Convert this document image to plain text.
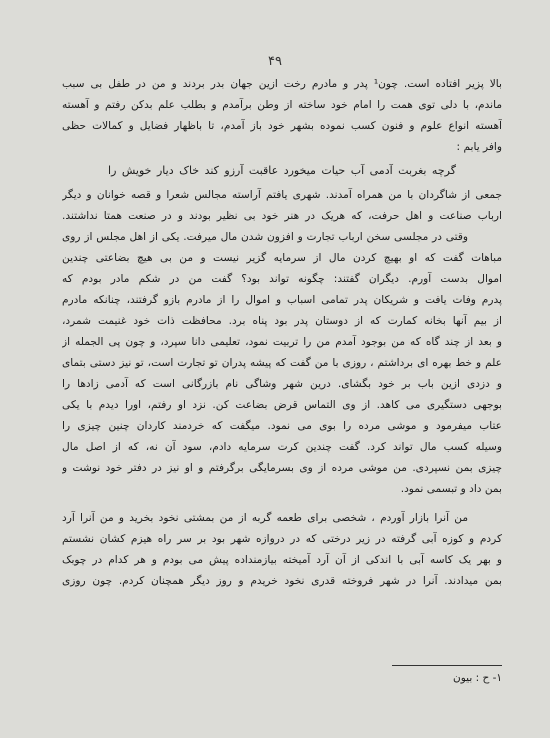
۴۹
بالا پزیر افتاده است. چون¹ پدر و مادرم رخت ازین جهان بدر بردند و من در طفل بی سبب
ماندم، با دلی توی همت را امام خود ساخته از وطن برآمدم و بطلب علم بدکن رفتم و آهسته
آهسته انواع علوم و فنون کسب نموده بشهر خود باز آمدم، تا باظهار فضایل و کمالات حظی
وافر یابم :
گرچه بغربت آدمی آب حیات میخورد عاقبت آرزو کند خاک دیار خویش را
جمعی از شاگردان با من همراه آمدند. شهری یافتم آراسته مجالس شعرا و قصه خوانان و دیگر
ارباب صناعت و اهل حرفت، که هریک در هنر خود بی نظیر بودند و در صنعت همتا نداشتند.
وقتی در مجلسی سخن ارباب تجارت و افزون شدن مال میرفت. یکی از اهل مجلس از روی
مباهات گفت که او بهیچ کردن مال از سرمایه گزیر نیست و من بی هیچ بضاعتی چندین
اموال بدست آورم. دیگران گفتند: چگونه تواند بود؟ گفت من در شکم مادر بودم که
پدرم وفات یافت و شریکان پدر تمامی اسباب و اموال را از مادرم بازو گرفتند، چنانکه مادرم
از بیم آنها بخانه کمارت که از دوستان پدر بود پناه برد. محافظت ذات خود غنیمت شمرد،
و بعد از چند گاه که من بوجود آمدم من را تربیت نمود، تعلیمی دانا سپرد، و چون پی الجمله از
علم و خط بهره ای برداشتم ، روزی با من گفت که پیشه پدران تو تجارت است، تو نیز دستی بتمای
و دزدی ازین باب بر خود بگشای. درین شهر وشاگی نام بازرگانی است که آدمی زادها را
بوجهی دستگیری می کاهد. از وی التماس قرض بضاعت کن. نزد او رفتم، اورا دیدم با یکی
عتاب میفرمود و موشی مرده را بوی می نمود. میگفت که خردمند کاردان چنین چیزی را
وسیله کسب مال تواند کرد. گفت چندین کرت سرمایه دادم، سود آن نه، که از اصل مال
چیزی بمن نسپردی. من موشی مرده از وی بسرمایگی برگرفتم و او نیز در دفتر خود نوشت و
بمن داد و تبسمی نمود.
من آنرا بازار آوردم ، شخصی برای طعمه گربه از من بمشتی نخود بخرید و من آنرا آرد
کردم و کوزه آبی گرفته در زیر درختی که در دروازه شهر بود بر سر راه هیزم کشان نشستم
و بهر یک کاسه آبی با اندکی از آن آرد آمیخته بیازمنداده پیش می بودم و هر کدام در چوبک
بمن میدادند. آنرا در شهر فروخته قدری نخود خریدم و روز دیگر همچنان کردم. چون روزی
۱- ح : بیون
